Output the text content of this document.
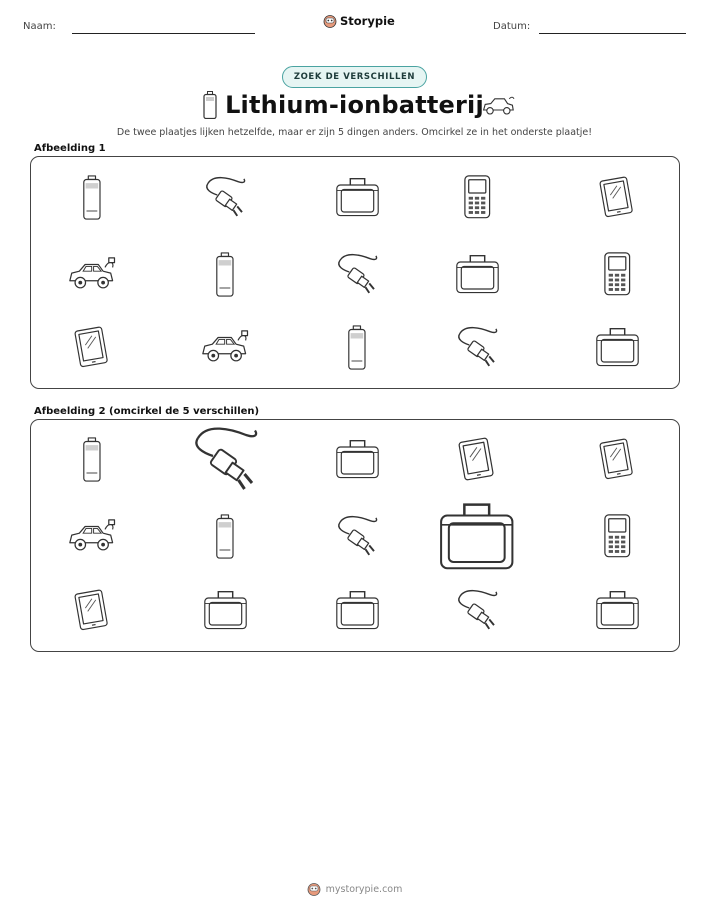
Naam:	Storypie	Datum:
ZOEK DE VERSCHILLEN
Lithium-ionbatterij
De twee plaatjes lijken hetzelfde, maar er zijn 5 dingen anders. Omcirkel ze in het onderste plaatje!
Afbeelding 1
Afbeelding 2 (omcirkel de 5 verschillen)
mystorypie.com
